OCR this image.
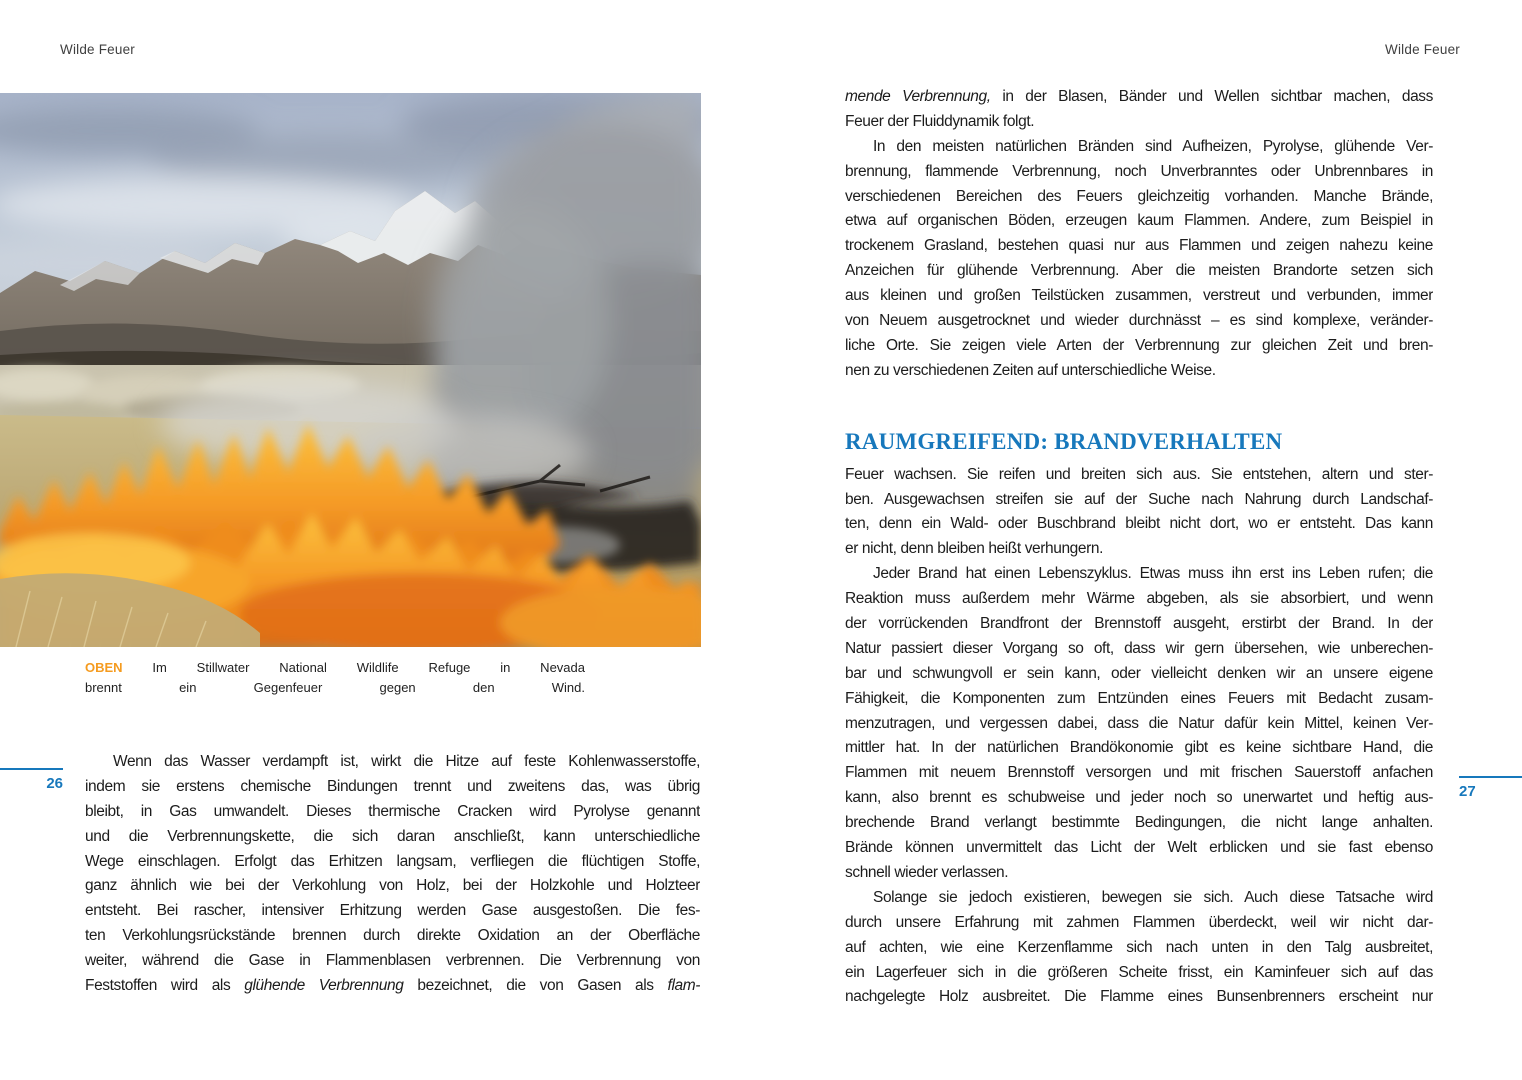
Wilde Feuer	Wilde Feuer
OBEN Im Stillwater National Wildlife Refuge in Nevada
brennt ein Gegenfeuer gegen den Wind.
Wenn das Wasser verdampft ist, wirkt die Hitze auf feste Kohlenwasserstoffe,
indem sie erstens chemische Bindungen trennt und zweitens das, was übrig
bleibt, in Gas umwandelt. Dieses thermische Cracken wird Pyrolyse genannt
und die Verbrennungskette, die sich daran anschließt, kann unterschiedliche
Wege einschlagen. Erfolgt das Erhitzen langsam, verfliegen die flüchtigen Stoffe,
ganz ähnlich wie bei der Verkohlung von Holz, bei der Holzkohle und Holzteer
entsteht. Bei rascher, intensiver Erhitzung werden Gase ausgestoßen. Die fes-
ten Verkohlungsrückstände brennen durch direkte Oxidation an der Oberfläche
weiter, während die Gase in Flammenblasen verbrennen. Die Verbrennung von
Feststoffen wird als glühende Verbrennung bezeichnet, die von Gasen als flam-
mende Verbrennung, in der Blasen, Bänder und Wellen sichtbar machen, dass
Feuer der Fluiddynamik folgt.
In den meisten natürlichen Bränden sind Aufheizen, Pyrolyse, glühende Ver-
brennung, flammende Verbrennung, noch Unverbranntes oder Unbrennbares in
verschiedenen Bereichen des Feuers gleichzeitig vorhanden. Manche Brände,
etwa auf organischen Böden, erzeugen kaum Flammen. Andere, zum Beispiel in
trockenem Grasland, bestehen quasi nur aus Flammen und zeigen nahezu keine
Anzeichen für glühende Verbrennung. Aber die meisten Brandorte setzen sich
aus kleinen und großen Teilstücken zusammen, verstreut und verbunden, immer
von Neuem ausgetrocknet und wieder durchnässt – es sind komplexe, veränder-
liche Orte. Sie zeigen viele Arten der Verbrennung zur gleichen Zeit und bren-
nen zu verschiedenen Zeiten auf unterschiedliche Weise.
RAUMGREIFEND: BRANDVERHALTEN
Feuer wachsen. Sie reifen und breiten sich aus. Sie entstehen, altern und ster-
ben. Ausgewachsen streifen sie auf der Suche nach Nahrung durch Landschaf-
ten, denn ein Wald- oder Buschbrand bleibt nicht dort, wo er entsteht. Das kann
er nicht, denn bleiben heißt verhungern.
Jeder Brand hat einen Lebenszyklus. Etwas muss ihn erst ins Leben rufen; die
Reaktion muss außerdem mehr Wärme abgeben, als sie absorbiert, und wenn
der vorrückenden Brandfront der Brennstoff ausgeht, erstirbt der Brand. In der
Natur passiert dieser Vorgang so oft, dass wir gern übersehen, wie unberechen-
bar und schwungvoll er sein kann, oder vielleicht denken wir an unsere eigene
Fähigkeit, die Komponenten zum Entzünden eines Feuers mit Bedacht zusam-
menzutragen, und vergessen dabei, dass die Natur dafür kein Mittel, keinen Ver-
mittler hat. In der natürlichen Brandökonomie gibt es keine sichtbare Hand, die
Flammen mit neuem Brennstoff versorgen und mit frischen Sauerstoff anfachen
kann, also brennt es schubweise und jeder noch so unerwartet und heftig aus-
brechende Brand verlangt bestimmte Bedingungen, die nicht lange anhalten.
Brände können unvermittelt das Licht der Welt erblicken und sie fast ebenso
schnell wieder verlassen.
Solange sie jedoch existieren, bewegen sie sich. Auch diese Tatsache wird
durch unsere Erfahrung mit zahmen Flammen überdeckt, weil wir nicht dar-
auf achten, wie eine Kerzenflamme sich nach unten in den Talg ausbreitet,
ein Lagerfeuer sich in die größeren Scheite frisst, ein Kaminfeuer sich auf das
nachgelegte Holz ausbreitet. Die Flamme eines Bunsenbrenners erscheint nur
26	27
